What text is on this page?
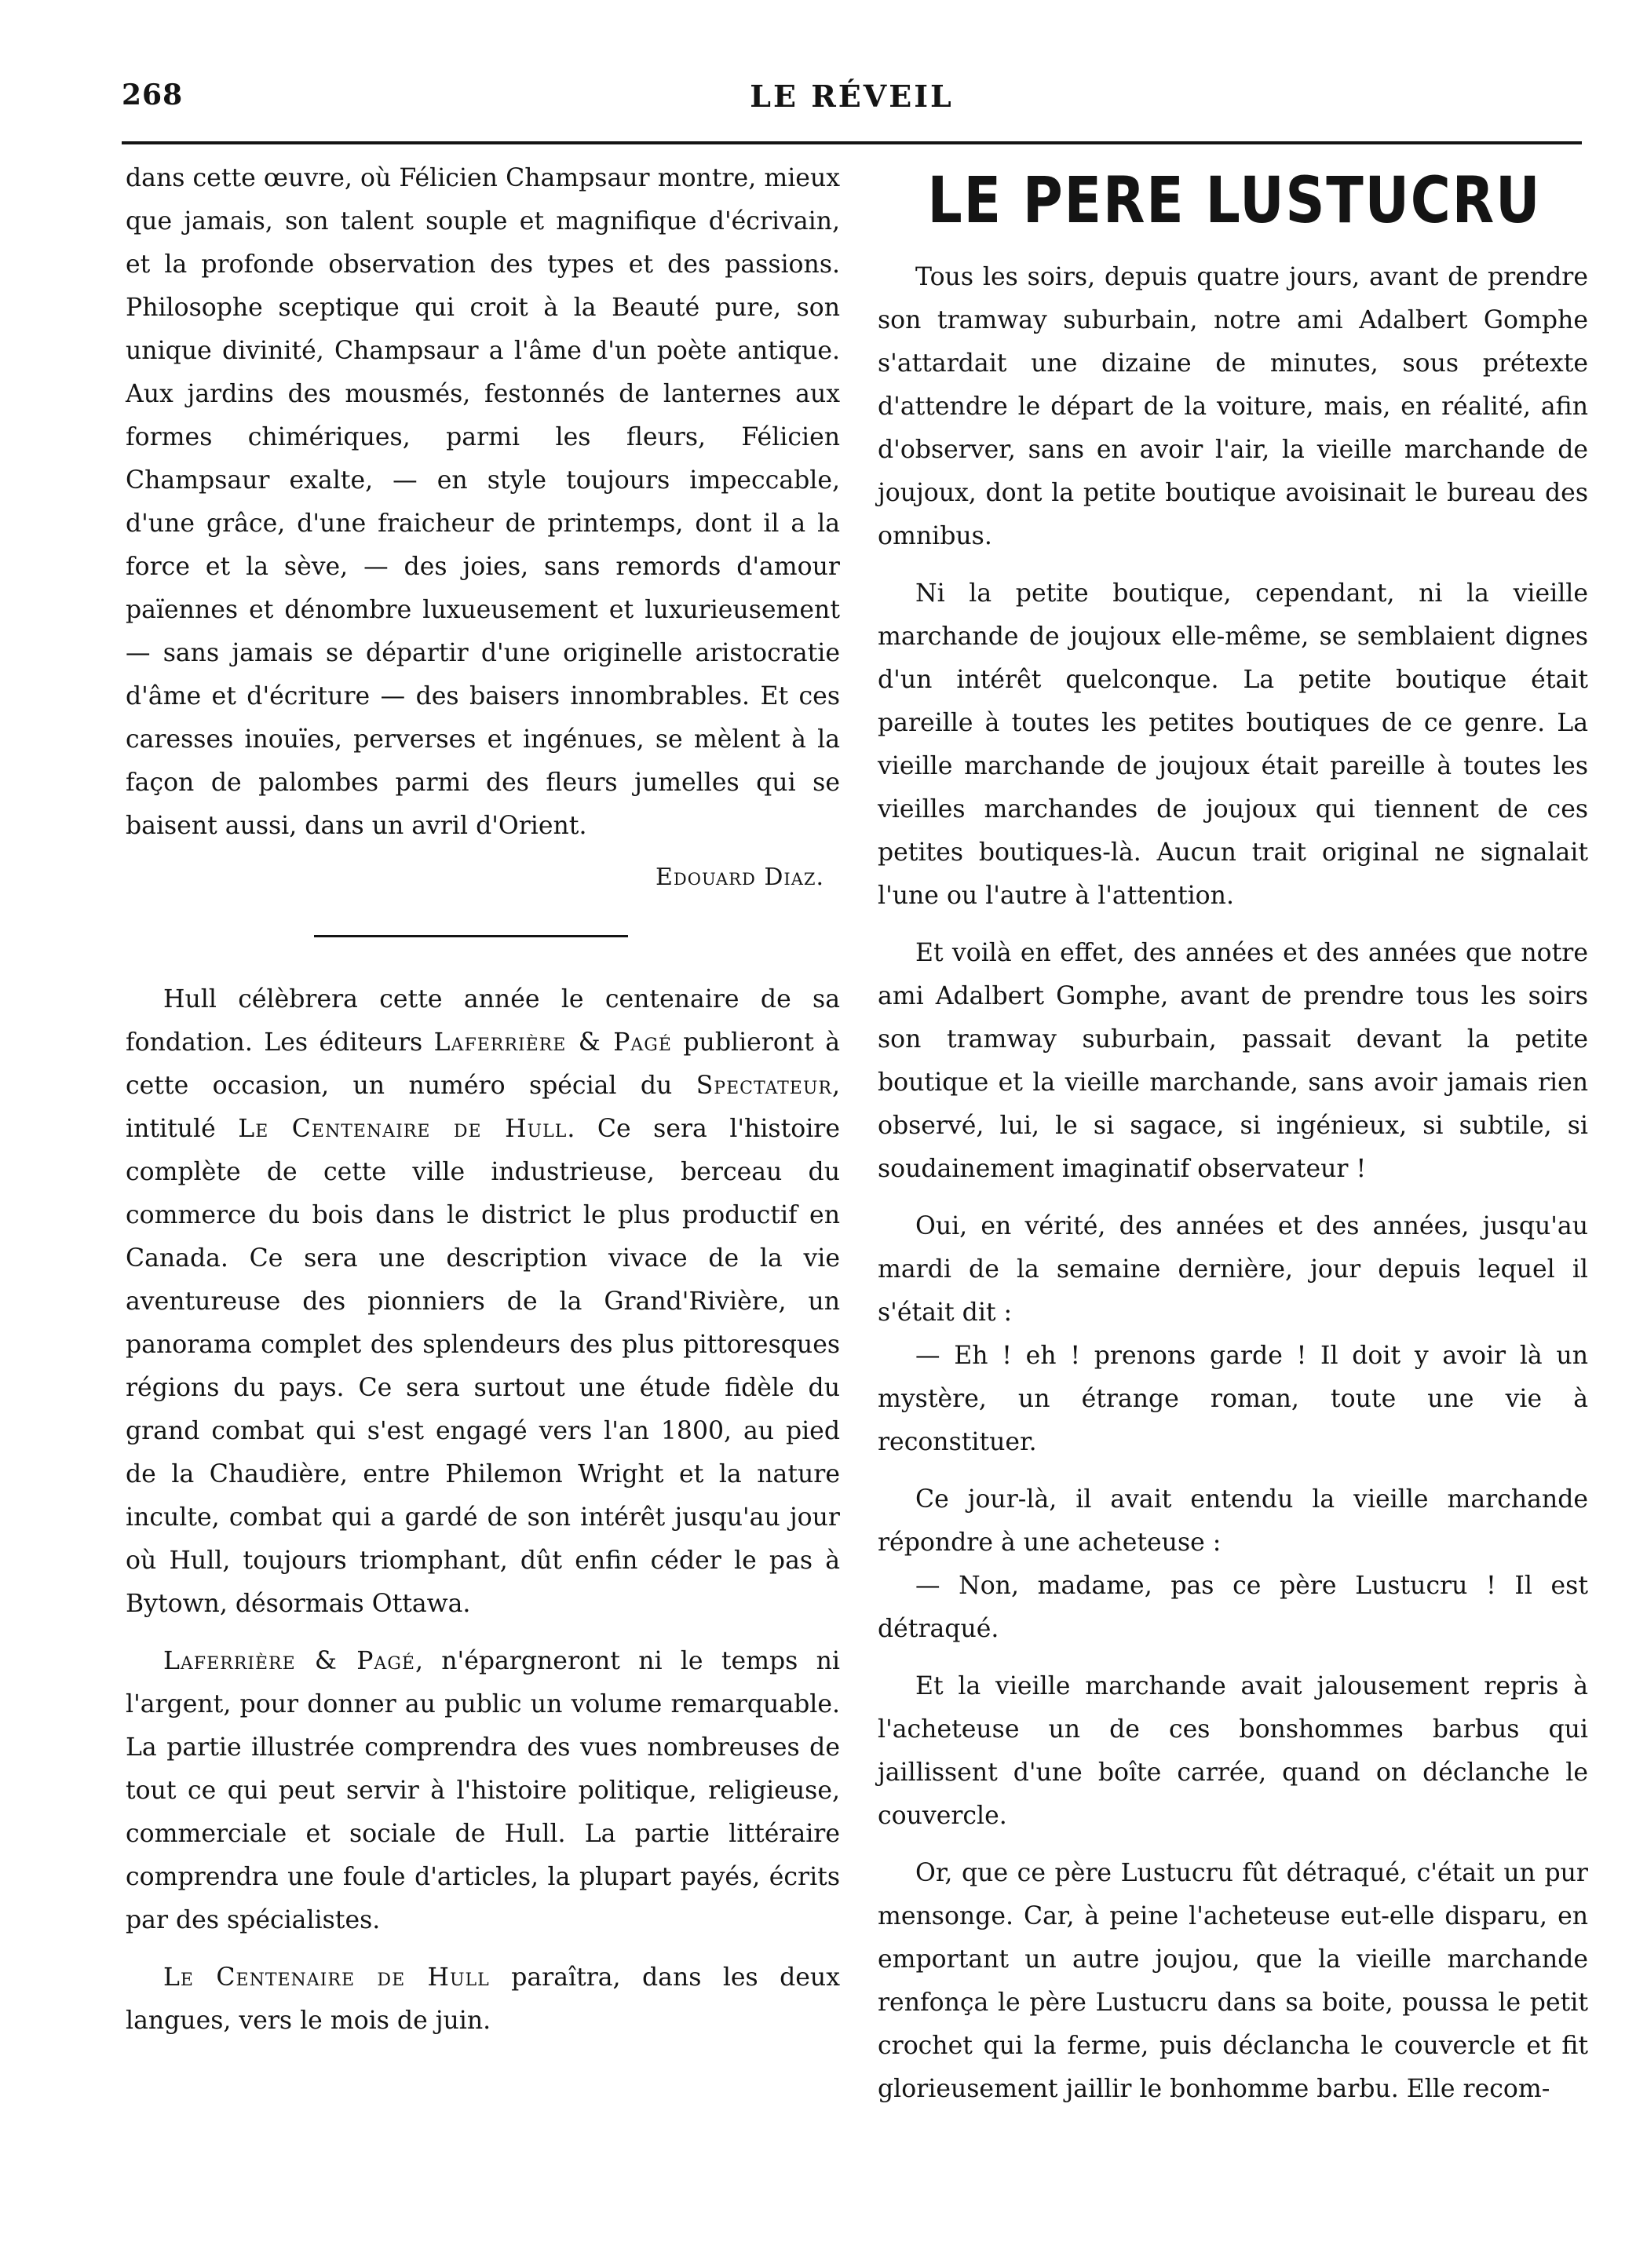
268	LE RÉVEIL

dans cette œuvre, où Félicien Champsaur montre, mieux que jamais, son talent souple et magnifique d'écrivain, et la profonde observation des types et des passions. Philosophe sceptique qui croit à la Beauté pure, son unique divinité, Champsaur a l'âme d'un poète antique. Aux jardins des mousmés, festonnés de lanternes aux formes chimériques, parmi les fleurs, Félicien Champsaur exalte, — en style toujours impeccable, d'une grâce, d'une fraicheur de printemps, dont il a la force et la sève, — des joies, sans remords d'amour païennes et dénombre luxueusement et luxurieusement — sans jamais se départir d'une originelle aristocratie d'âme et d'écriture — des baisers innombrables. Et ces caresses inouïes, perverses et ingénues, se mèlent à la façon de palombes parmi des fleurs jumelles qui se baisent aussi, dans un avril d'Orient.

Edouard Diaz.

Hull célèbrera cette année le centenaire de sa fondation. Les éditeurs Laferrière & Pagé publieront à cette occasion, un numéro spécial du Spectateur, intitulé Le Centenaire de Hull. Ce sera l'histoire complète de cette ville industrieuse, berceau du commerce du bois dans le district le plus productif en Canada. Ce sera une description vivace de la vie aventureuse des pionniers de la Grand'Rivière, un panorama complet des splendeurs des plus pittoresques régions du pays. Ce sera surtout une étude fidèle du grand combat qui s'est engagé vers l'an 1800, au pied de la Chaudière, entre Philemon Wright et la nature inculte, combat qui a gardé de son intérêt jusqu'au jour où Hull, toujours triomphant, dût enfin céder le pas à Bytown, désormais Ottawa.

Laferrière & Pagé, n'épargneront ni le temps ni l'argent, pour donner au public un volume remarquable. La partie illustrée comprendra des vues nombreuses de tout ce qui peut servir à l'histoire politique, religieuse, commerciale et sociale de Hull. La partie littéraire comprendra une foule d'articles, la plupart payés, écrits par des spécialistes.

Le Centenaire de Hull paraîtra, dans les deux langues, vers le mois de juin.

LE PERE LUSTUCRU

Tous les soirs, depuis quatre jours, avant de prendre son tramway suburbain, notre ami Adalbert Gomphe s'attardait une dizaine de minutes, sous prétexte d'attendre le départ de la voiture, mais, en réalité, afin d'observer, sans en avoir l'air, la vieille marchande de joujoux, dont la petite boutique avoisinait le bureau des omnibus.

Ni la petite boutique, cependant, ni la vieille marchande de joujoux elle-même, se semblaient dignes d'un intérêt quelconque. La petite boutique était pareille à toutes les petites boutiques de ce genre. La vieille marchande de joujoux était pareille à toutes les vieilles marchandes de joujoux qui tiennent de ces petites boutiques-là. Aucun trait original ne signalait l'une ou l'autre à l'attention.

Et voilà en effet, des années et des années que notre ami Adalbert Gomphe, avant de prendre tous les soirs son tramway suburbain, passait devant la petite boutique et la vieille marchande, sans avoir jamais rien observé, lui, le si sagace, si ingénieux, si subtile, si soudainement imaginatif observateur !

Oui, en vérité, des années et des années, jusqu'au mardi de la semaine dernière, jour depuis lequel il s'était dit :

— Eh ! eh ! prenons garde ! Il doit y avoir là un mystère, un étrange roman, toute une vie à reconstituer.

Ce jour-là, il avait entendu la vieille marchande répondre à une acheteuse :

— Non, madame, pas ce père Lustucru ! Il est détraqué.

Et la vieille marchande avait jalousement repris à l'acheteuse un de ces bonshommes barbus qui jaillissent d'une boîte carrée, quand on déclanche le couvercle.

Or, que ce père Lustucru fût détraqué, c'était un pur mensonge. Car, à peine l'acheteuse eut-elle disparu, en emportant un autre joujou, que la vieille marchande renfonça le père Lustucru dans sa boite, poussa le petit crochet qui la ferme, puis déclancha le couvercle et fit glorieusement jaillir le bonhomme barbu. Elle recom-
